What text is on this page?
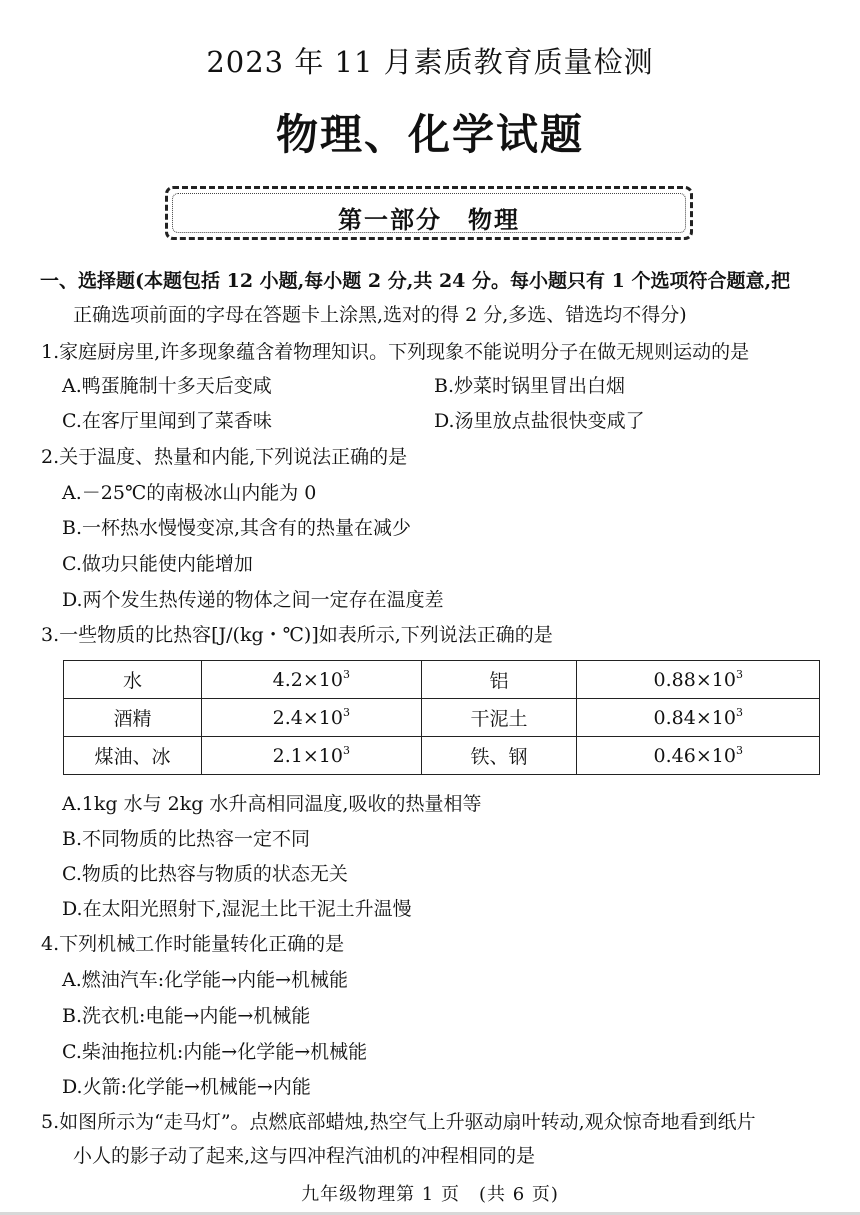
2023 年 11 月素质教育质量检测
物理、化学试题
第一部分　物理
一、选择题(本题包括 12 小题,每小题 2 分,共 24 分。每小题只有 1 个选项符合题意,把
正确选项前面的字母在答题卡上涂黑,选对的得 2 分,多选、错选均不得分)
1.家庭厨房里,许多现象蕴含着物理知识。下列现象不能说明分子在做无规则运动的是
A.鸭蛋腌制十多天后变咸	B.炒菜时锅里冒出白烟
C.在客厅里闻到了菜香味	D.汤里放点盐很快变咸了
2.关于温度、热量和内能,下列说法正确的是
A.－25℃的南极冰山内能为 0
B.一杯热水慢慢变凉,其含有的热量在减少
C.做功只能使内能增加
D.两个发生热传递的物体之间一定存在温度差
3.一些物质的比热容[J/(kg・℃)]如表所示,下列说法正确的是
水	$4.2\times 10^3$	铝	$0.88\times 10^3$
酒精	$2.4\times 10^3$	干泥土	$0.84\times 10^3$
煤油、冰	$2.1\times 10^3$	铁、钢	$0.46\times 10^3$
A.1kg 水与 2kg 水升高相同温度,吸收的热量相等
B.不同物质的比热容一定不同
C.物质的比热容与物质的状态无关
D.在太阳光照射下,湿泥土比干泥土升温慢
4.下列机械工作时能量转化正确的是
A.燃油汽车:化学能→内能→机械能
B.洗衣机:电能→内能→机械能
C.柴油拖拉机:内能→化学能→机械能
D.火箭:化学能→机械能→内能
5.如图所示为“走马灯”。点燃底部蜡烛,热空气上升驱动扇叶转动,观众惊奇地看到纸片
小人的影子动了起来,这与四冲程汽油机的冲程相同的是
九年级物理第 1 页　(共 6 页)
